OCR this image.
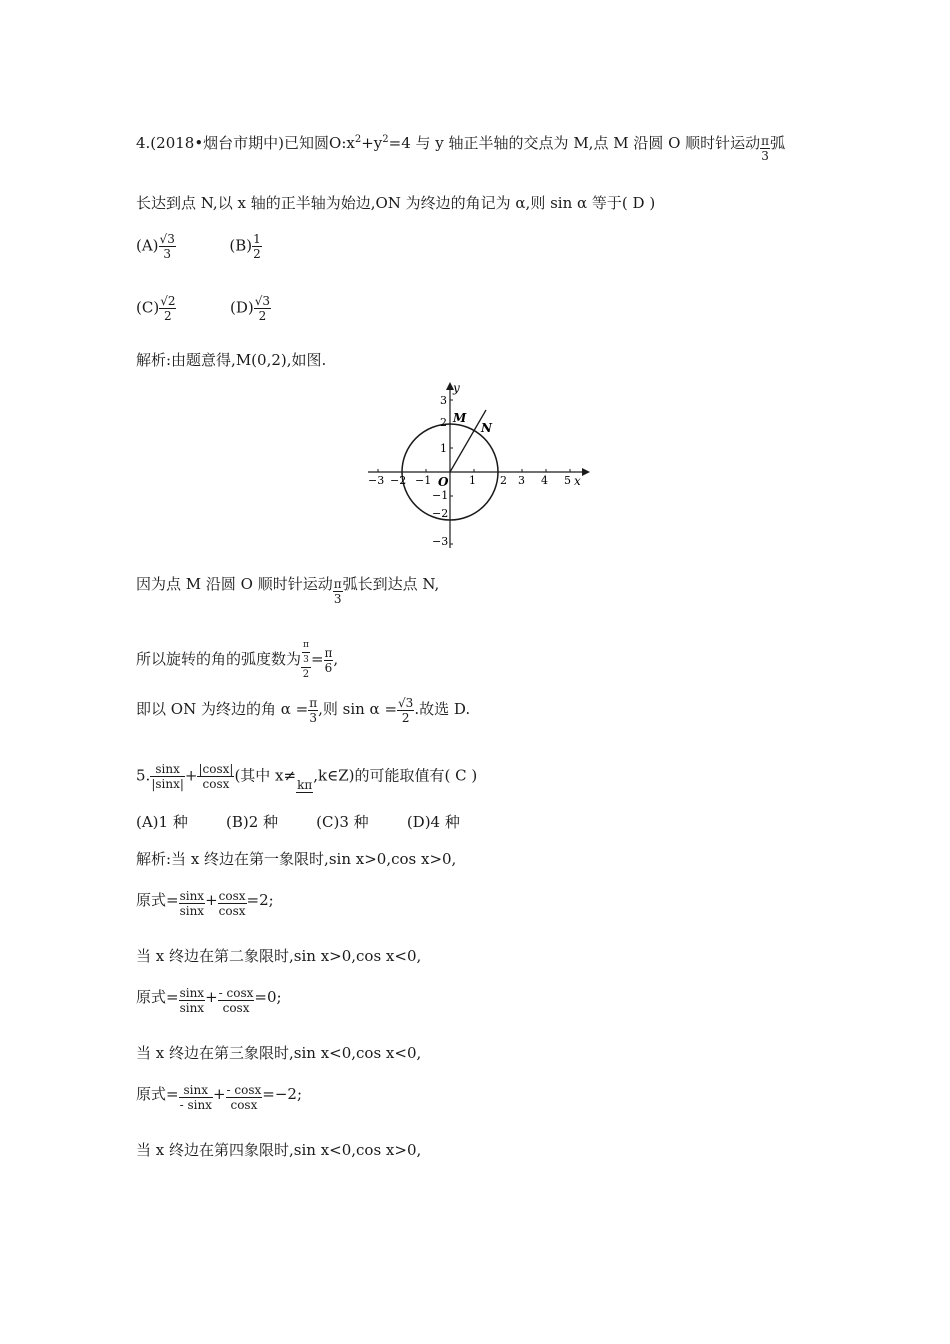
4.(2018•烟台市期中)已知圆$O:x^2+y^2=4$ 与 y 轴正半轴的交点为 M,点 M 沿圆 O 顺时针运动 $\frac{\pi}{3}$ 弧
长达到点 N,以 x 轴的正半轴为始边,ON 为终边的角记为 α,则 sin α 等于( D )
$(A) \frac{√3}{3}$	$(B) \frac{1}{2}$
$(C) \frac{√2}{2}$	$(D) \frac{√3}{2}$
解析:由题意得,M(0,2),如图.
y
x
M
N
O
−3 −2 −1	1 2 3 4 5
3
2
1
−1
−2
−3
因为点 M 沿圆 O 顺时针运动 $\frac{\pi}{3}$ 弧长到达点 N,
所以旋转的角的弧度数为 $\frac{\frac{\pi}{3}}{2} = \frac{\pi}{6}$ ,
即以 ON 为终边的角 $\alpha = \frac{\pi}{3}$ ,则 $\sin \alpha = \frac{√3}{2}$ .故选 D.
5. $\frac{\sin x}{|\sin x|} + \frac{|\cos x|}{\cos x}$ (其中 x≠ kπ ,k∈Z)的可能取值有( C )
(A)1 种        (B)2 种        (C)3 种        (D)4 种
解析:当 x 终边在第一象限时,sin x>0,cos x>0,
原式= $\frac{\sin x}{\sin x} + \frac{\cos x}{\cos x} =2$;
当 x 终边在第二象限时,sin x>0,cos x<0,
原式= $\frac{\sin x}{\sin x} + \frac{- \cos x}{\cos x} =0$;
当 x 终边在第三象限时,sin x<0,cos x<0,
原式= $\frac{\sin x}{- \sin x} + \frac{- \cos x}{\cos x} =-2$;
当 x 终边在第四象限时,sin x<0,cos x>0,
